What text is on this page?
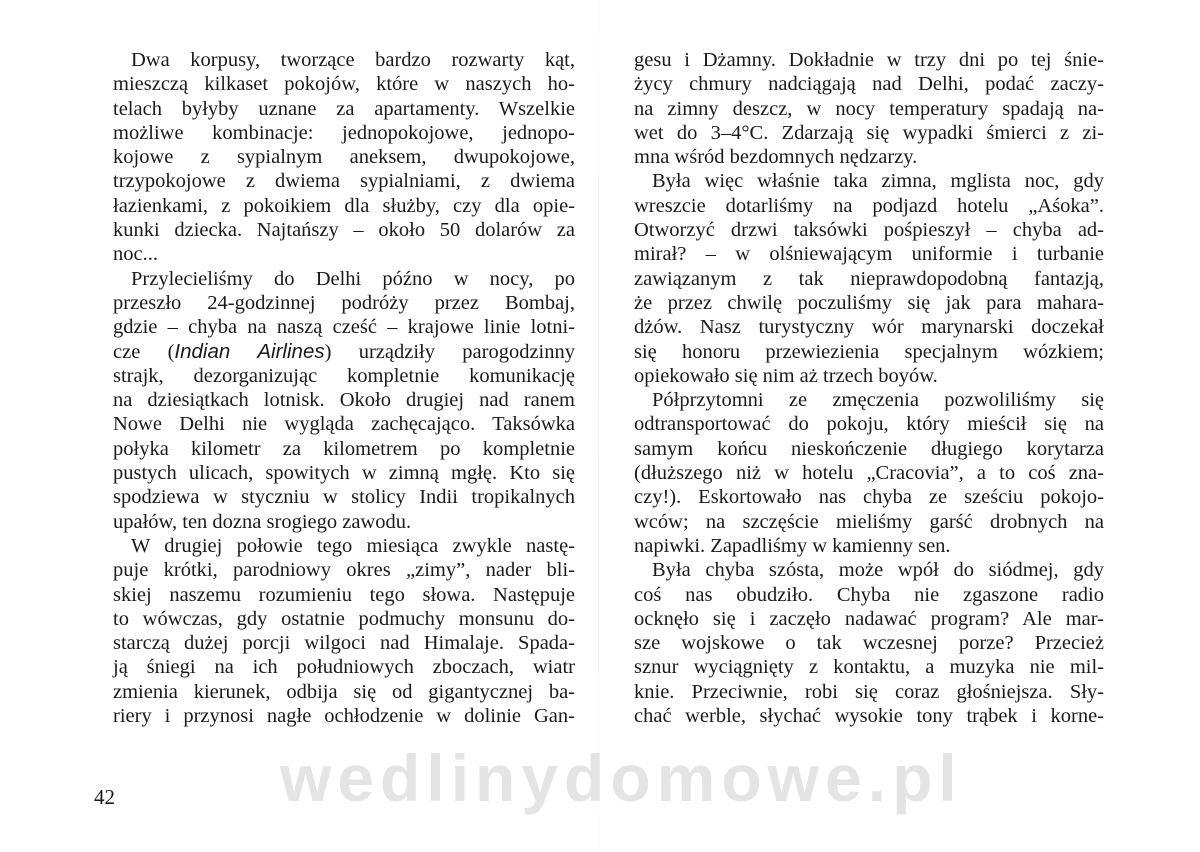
Dwa korpusy, tworzące bardzo rozwarty kąt,
mieszczą kilkaset pokojów, które w naszych ho-
telach byłyby uznane za apartamenty. Wszelkie
możliwe kombinacje: jednopokojowe, jednopo-
kojowe z sypialnym aneksem, dwupokojowe,
trzypokojowe z dwiema sypialniami, z dwiema
łazienkami, z pokoikiem dla służby, czy dla opie-
kunki dziecka. Najtańszy – około 50 dolarów za
noc...
Przylecieliśmy do Delhi późno w nocy, po
przeszło 24-godzinnej podróży przez Bombaj,
gdzie – chyba na naszą cześć – krajowe linie lotni-
cze (Indian Airlines) urządziły parogodzinny
strajk, dezorganizując kompletnie komunikację
na dziesiątkach lotnisk. Około drugiej nad ranem
Nowe Delhi nie wygląda zachęcająco. Taksówka
połyka kilometr za kilometrem po kompletnie
pustych ulicach, spowitych w zimną mgłę. Kto się
spodziewa w styczniu w stolicy Indii tropikalnych
upałów, ten dozna srogiego zawodu.
W drugiej połowie tego miesiąca zwykle nastę-
puje krótki, parodniowy okres „zimy”, nader bli-
skiej naszemu rozumieniu tego słowa. Następuje
to wówczas, gdy ostatnie podmuchy monsunu do-
starczą dużej porcji wilgoci nad Himalaje. Spada-
ją śniegi na ich południowych zboczach, wiatr
zmienia kierunek, odbija się od gigantycznej ba-
riery i przynosi nagłe ochłodzenie w dolinie Gan-
gesu i Dżamny. Dokładnie w trzy dni po tej śnie-
życy chmury nadciągają nad Delhi, podać zaczy-
na zimny deszcz, w nocy temperatury spadają na-
wet do 3–4°C. Zdarzają się wypadki śmierci z zi-
mna wśród bezdomnych nędzarzy.
Była więc właśnie taka zimna, mglista noc, gdy
wreszcie dotarliśmy na podjazd hotelu „Aśoka”.
Otworzyć drzwi taksówki pośpieszył – chyba ad-
mirał? – w olśniewającym uniformie i turbanie
zawiązanym z tak nieprawdopodobną fantazją,
że przez chwilę poczuliśmy się jak para mahara-
dżów. Nasz turystyczny wór marynarski doczekał
się honoru przewiezienia specjalnym wózkiem;
opiekowało się nim aż trzech boyów.
Półprzytomni ze zmęczenia pozwoliliśmy się
odtransportować do pokoju, który mieścił się na
samym końcu nieskończenie długiego korytarza
(dłuższego niż w hotelu „Cracovia”, a to coś zna-
czy!). Eskortowało nas chyba ze sześciu pokojo-
wców; na szczęście mieliśmy garść drobnych na
napiwki. Zapadliśmy w kamienny sen.
Była chyba szósta, może wpół do siódmej, gdy
coś nas obudziło. Chyba nie zgaszone radio
ocknęło się i zaczęło nadawać program? Ale mar-
sze wojskowe o tak wczesnej porze? Przecież
sznur wyciągnięty z kontaktu, a muzyka nie mil-
knie. Przeciwnie, robi się coraz głośniejsza. Sły-
chać werble, słychać wysokie tony trąbek i korne-
42	wedlinydomowe.pl
